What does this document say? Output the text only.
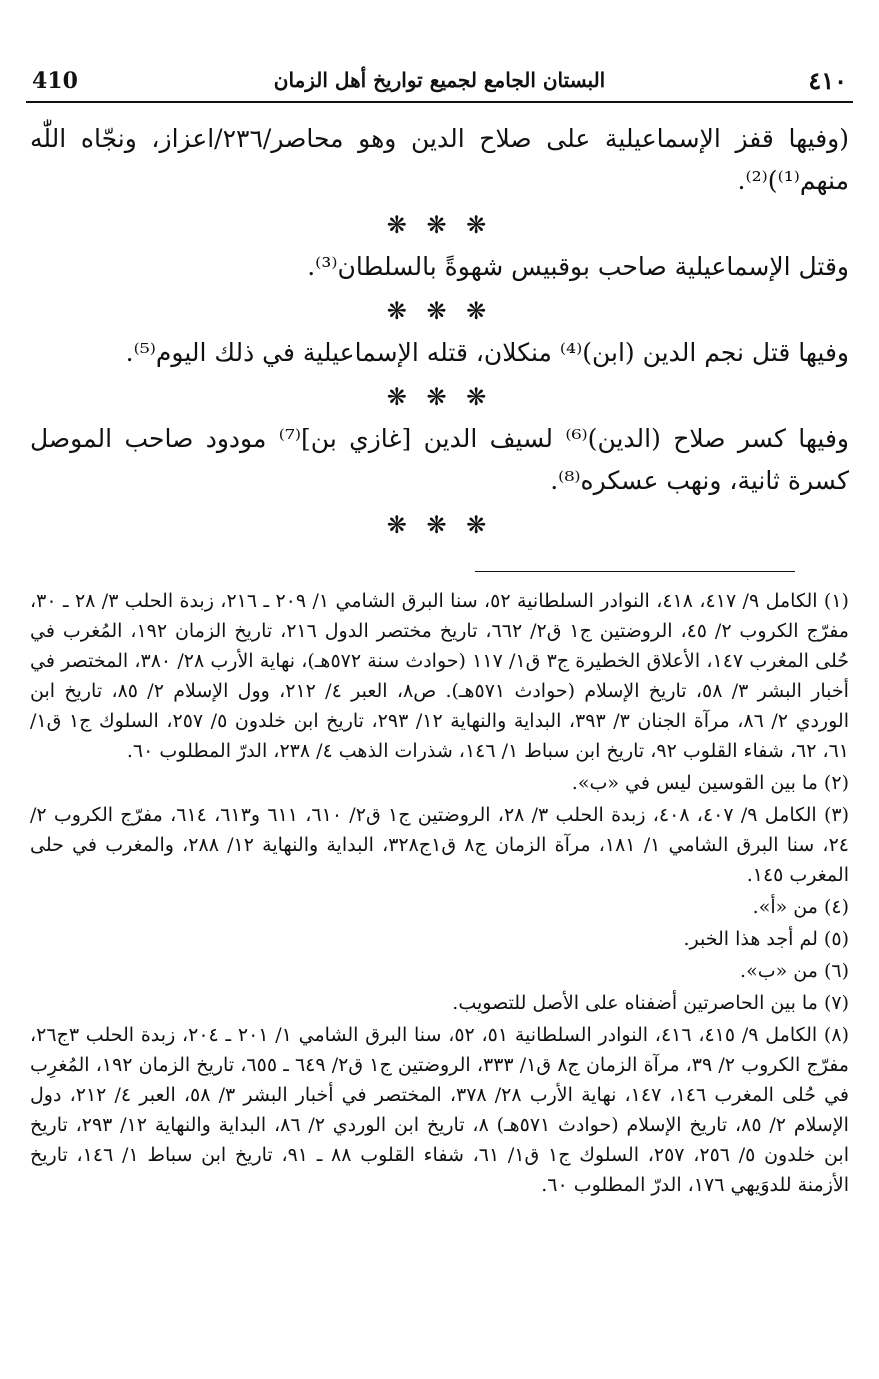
410	البستان الجامع لجميع تواريخ أهل الزمان	٤١٠

(وفيها قفز الإسماعيلية على صلاح الدين وهو محاصر/٢٣٦/اعزاز، ونجّاه اللّٰه منهم⁽¹⁾)⁽²⁾.

❋ ❋ ❋

وقتل الإسماعيلية صاحب بوقبيس شهوةً بالسلطان⁽³⁾.

❋ ❋ ❋

وفيها قتل نجم الدين (ابن)⁽⁴⁾ منكلان، قتله الإسماعيلية في ذلك اليوم⁽⁵⁾.

❋ ❋ ❋

وفيها كسر صلاح (الدين)⁽⁶⁾ لسيف الدين [غازي بن]⁽⁷⁾ مودود صاحب الموصل كسرة ثانية، ونهب عسكره⁽⁸⁾.

❋ ❋ ❋

(١) الكامل ٩/ ٤١٧، ٤١٨، النوادر السلطانية ٥٢، سنا البرق الشامي ١/ ٢٠٩ ـ ٢١٦، زبدة الحلب ٣/ ٢٨ ـ ٣٠، مفرّج الكروب ٢/ ٤٥، الروضتين ج١ ق٢/ ٦٦٢، تاريخ مختصر الدول ٢١٦، تاريخ الزمان ١٩٢، المُغرب في حُلى المغرب ١٤٧، الأعلاق الخطيرة ج٣ ق١/ ١١٧ (حوادث سنة ٥٧٢هـ)، نهاية الأرب ٢٨/ ٣٨٠، المختصر في أخبار البشر ٣/ ٥٨، تاريخ الإسلام (حوادث ٥٧١هـ). ص٨، العبر ٤/ ٢١٢، وول الإسلام ٢/ ٨٥، تاريخ ابن الوردي ٢/ ٨٦، مرآة الجنان ٣/ ٣٩٣، البداية والنهاية ١٢/ ٢٩٣، تاريخ ابن خلدون ٥/ ٢٥٧، السلوك ج١ ق١/ ٦١، ٦٢، شفاء القلوب ٩٢، تاريخ ابن سباط ١/ ١٤٦، شذرات الذهب ٤/ ٢٣٨، الدرّ المطلوب ٦٠.

(٢) ما بين القوسين ليس في «ب».

(٣) الكامل ٩/ ٤٠٧، ٤٠٨، زبدة الحلب ٣/ ٢٨، الروضتين ج١ ق٢/ ٦١٠، ٦١١ و٦١٣، ٦١٤، مفرّج الكروب ٢/ ٢٤، سنا البرق الشامي ١/ ١٨١، مرآة الزمان ج٨ ق١ج٣٢٨، البداية والنهاية ١٢/ ٢٨٨، والمغرب في حلى المغرب ١٤٥.

(٤) من «أ».

(٥) لم أجد هذا الخبر.

(٦) من «ب».

(٧) ما بين الحاصرتين أضفناه على الأصل للتصويب.

(٨) الكامل ٩/ ٤١٥، ٤١٦، النوادر السلطانية ٥١، ٥٢، سنا البرق الشامي ١/ ٢٠١ ـ ٢٠٤، زبدة الحلب ٣ج٢٦، مفرّج الكروب ٢/ ٣٩، مرآة الزمان ج٨ ق١/ ٣٣٣، الروضتين ج١ ق٢/ ٦٤٩ ـ ٦٥٥، تاريخ الزمان ١٩٢، المُغرِب في حُلى المغرب ١٤٦، ١٤٧، نهاية الأرب ٢٨/ ٣٧٨، المختصر في أخبار البشر ٣/ ٥٨، العبر ٤/ ٢١٢، دول الإسلام ٢/ ٨٥، تاريخ الإسلام (حوادث ٥٧١هـ) ٨، تاريخ ابن الوردي ٢/ ٨٦، البداية والنهاية ١٢/ ٢٩٣، تاريخ ابن خلدون ٥/ ٢٥٦، ٢٥٧، السلوك ج١ ق١/ ٦١، شفاء القلوب ٨٨ ـ ٩١، تاريخ ابن سباط ١/ ١٤٦، تاريخ الأزمنة للدوَيهي ١٧٦، الدرّ المطلوب ٦٠.
